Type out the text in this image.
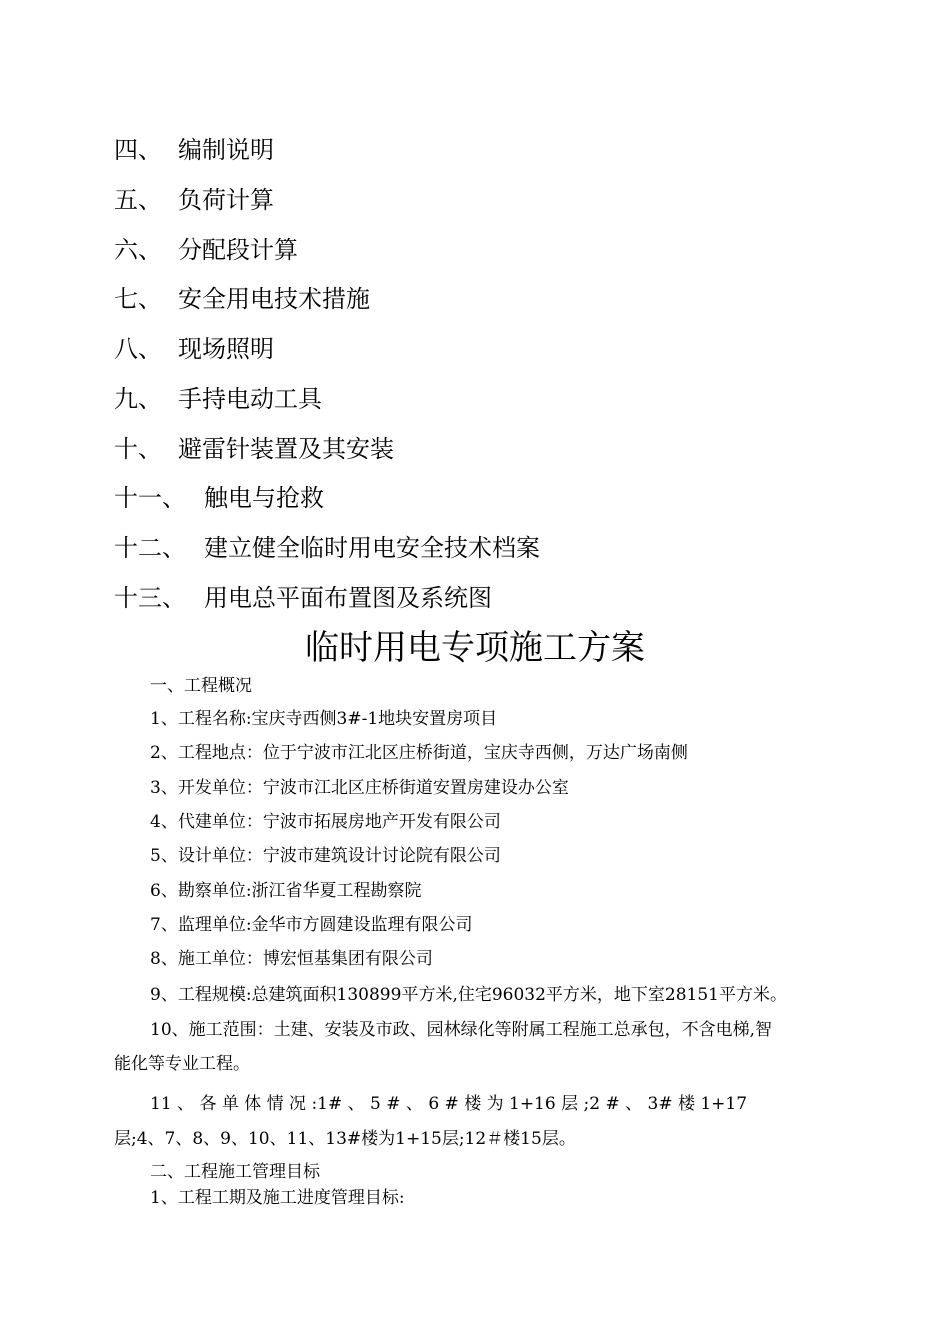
四、 编制说明
五、 负荷计算
六、 分配段计算
七、 安全用电技术措施
八、 现场照明
九、 手持电动工具
十、 避雷针装置及其安装
十一、 触电与抢救
十二、 建立健全临时用电安全技术档案
十三、 用电总平面布置图及系统图
临时用电专项施工方案
一、工程概况
1、工程名称:宝庆寺西侧3#-1地块安置房项目
2、工程地点：位于宁波市江北区庄桥街道，宝庆寺西侧，万达广场南侧
3、开发单位：宁波市江北区庄桥街道安置房建设办公室
4、代建单位：宁波市拓展房地产开发有限公司
5、设计单位：宁波市建筑设计讨论院有限公司
6、勘察单位:浙江省华夏工程勘察院
7、监理单位:金华市方圆建设监理有限公司
8、施工单位：博宏恒基集团有限公司
9、工程规模:总建筑面积130899平方米,住宅96032平方米，地下室28151平方米。
10、施工范围：土建、安装及市政、园林绿化等附属工程施工总承包，不含电梯,智
能化等专业工程。
11 、 各 单 体 情 况 :1# 、 5 # 、 6 # 楼 为 1+16 层 ;2 # 、 3# 楼 1+17
层;4、7、8、9、10、11、13#楼为1+15层;12＃楼15层。
二、工程施工管理目标
1、工程工期及施工进度管理目标:
